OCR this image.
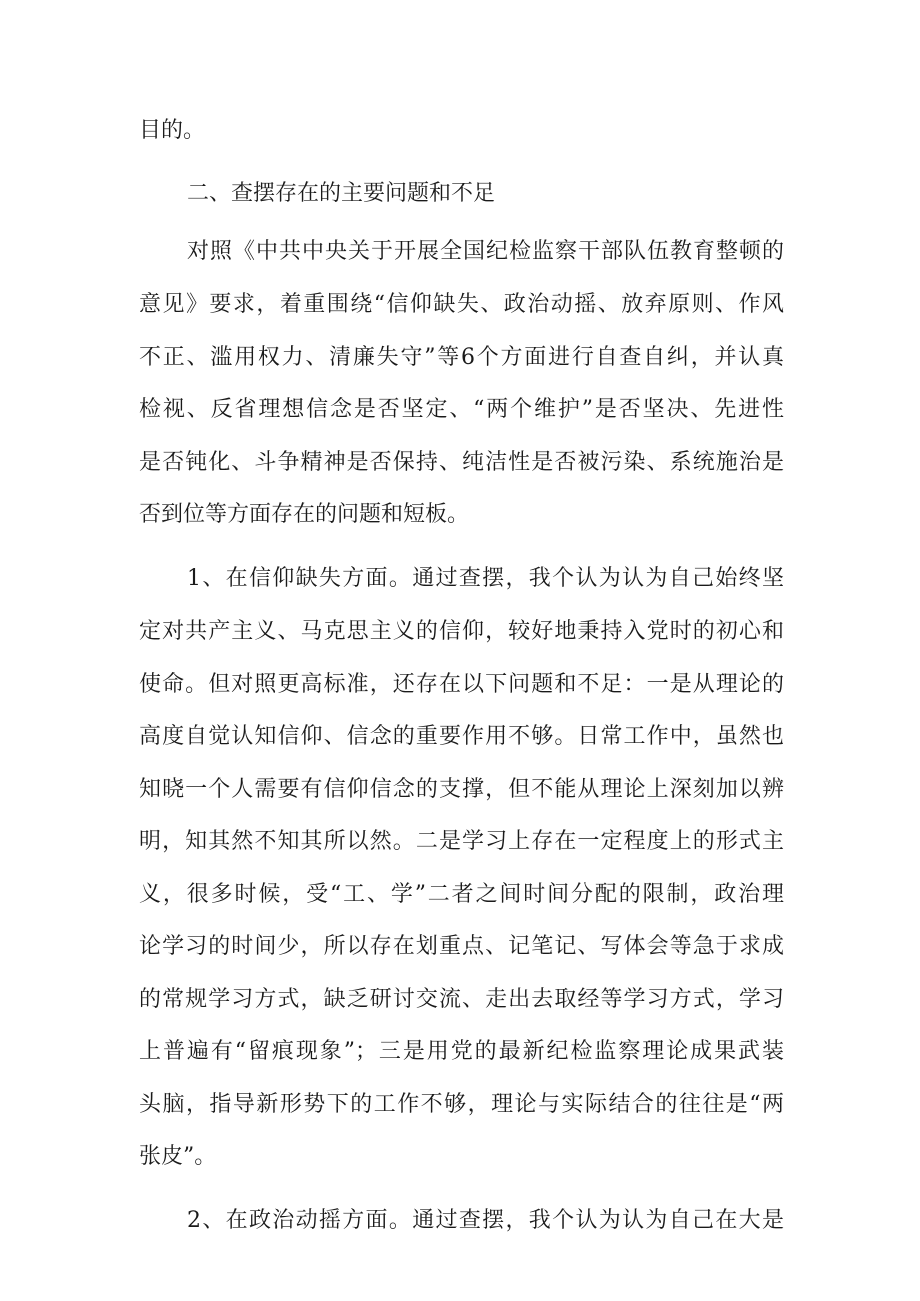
目的。
二、查摆存在的主要问题和不足
对照《中共中央关于开展全国纪检监察干部队伍教育整顿的
意见》要求，着重围绕“信仰缺失、政治动摇、放弃原则、作风
不正、滥用权力、清廉失守”等6个方面进行自查自纠，并认真
检视、反省理想信念是否坚定、“两个维护”是否坚决、先进性
是否钝化、斗争精神是否保持、纯洁性是否被污染、系统施治是
否到位等方面存在的问题和短板。
1、在信仰缺失方面。通过查摆，我个认为认为自己始终坚
定对共产主义、马克思主义的信仰，较好地秉持入党时的初心和
使命。但对照更高标准，还存在以下问题和不足：一是从理论的
高度自觉认知信仰、信念的重要作用不够。日常工作中，虽然也
知晓一个人需要有信仰信念的支撑，但不能从理论上深刻加以辨
明，知其然不知其所以然。二是学习上存在一定程度上的形式主
义，很多时候，受“工、学”二者之间时间分配的限制，政治理
论学习的时间少，所以存在划重点、记笔记、写体会等急于求成
的常规学习方式，缺乏研讨交流、走出去取经等学习方式，学习
上普遍有“留痕现象”；三是用党的最新纪检监察理论成果武装
头脑，指导新形势下的工作不够，理论与实际结合的往往是“两
张皮”。
2、在政治动摇方面。通过查摆，我个认为认为自己在大是
